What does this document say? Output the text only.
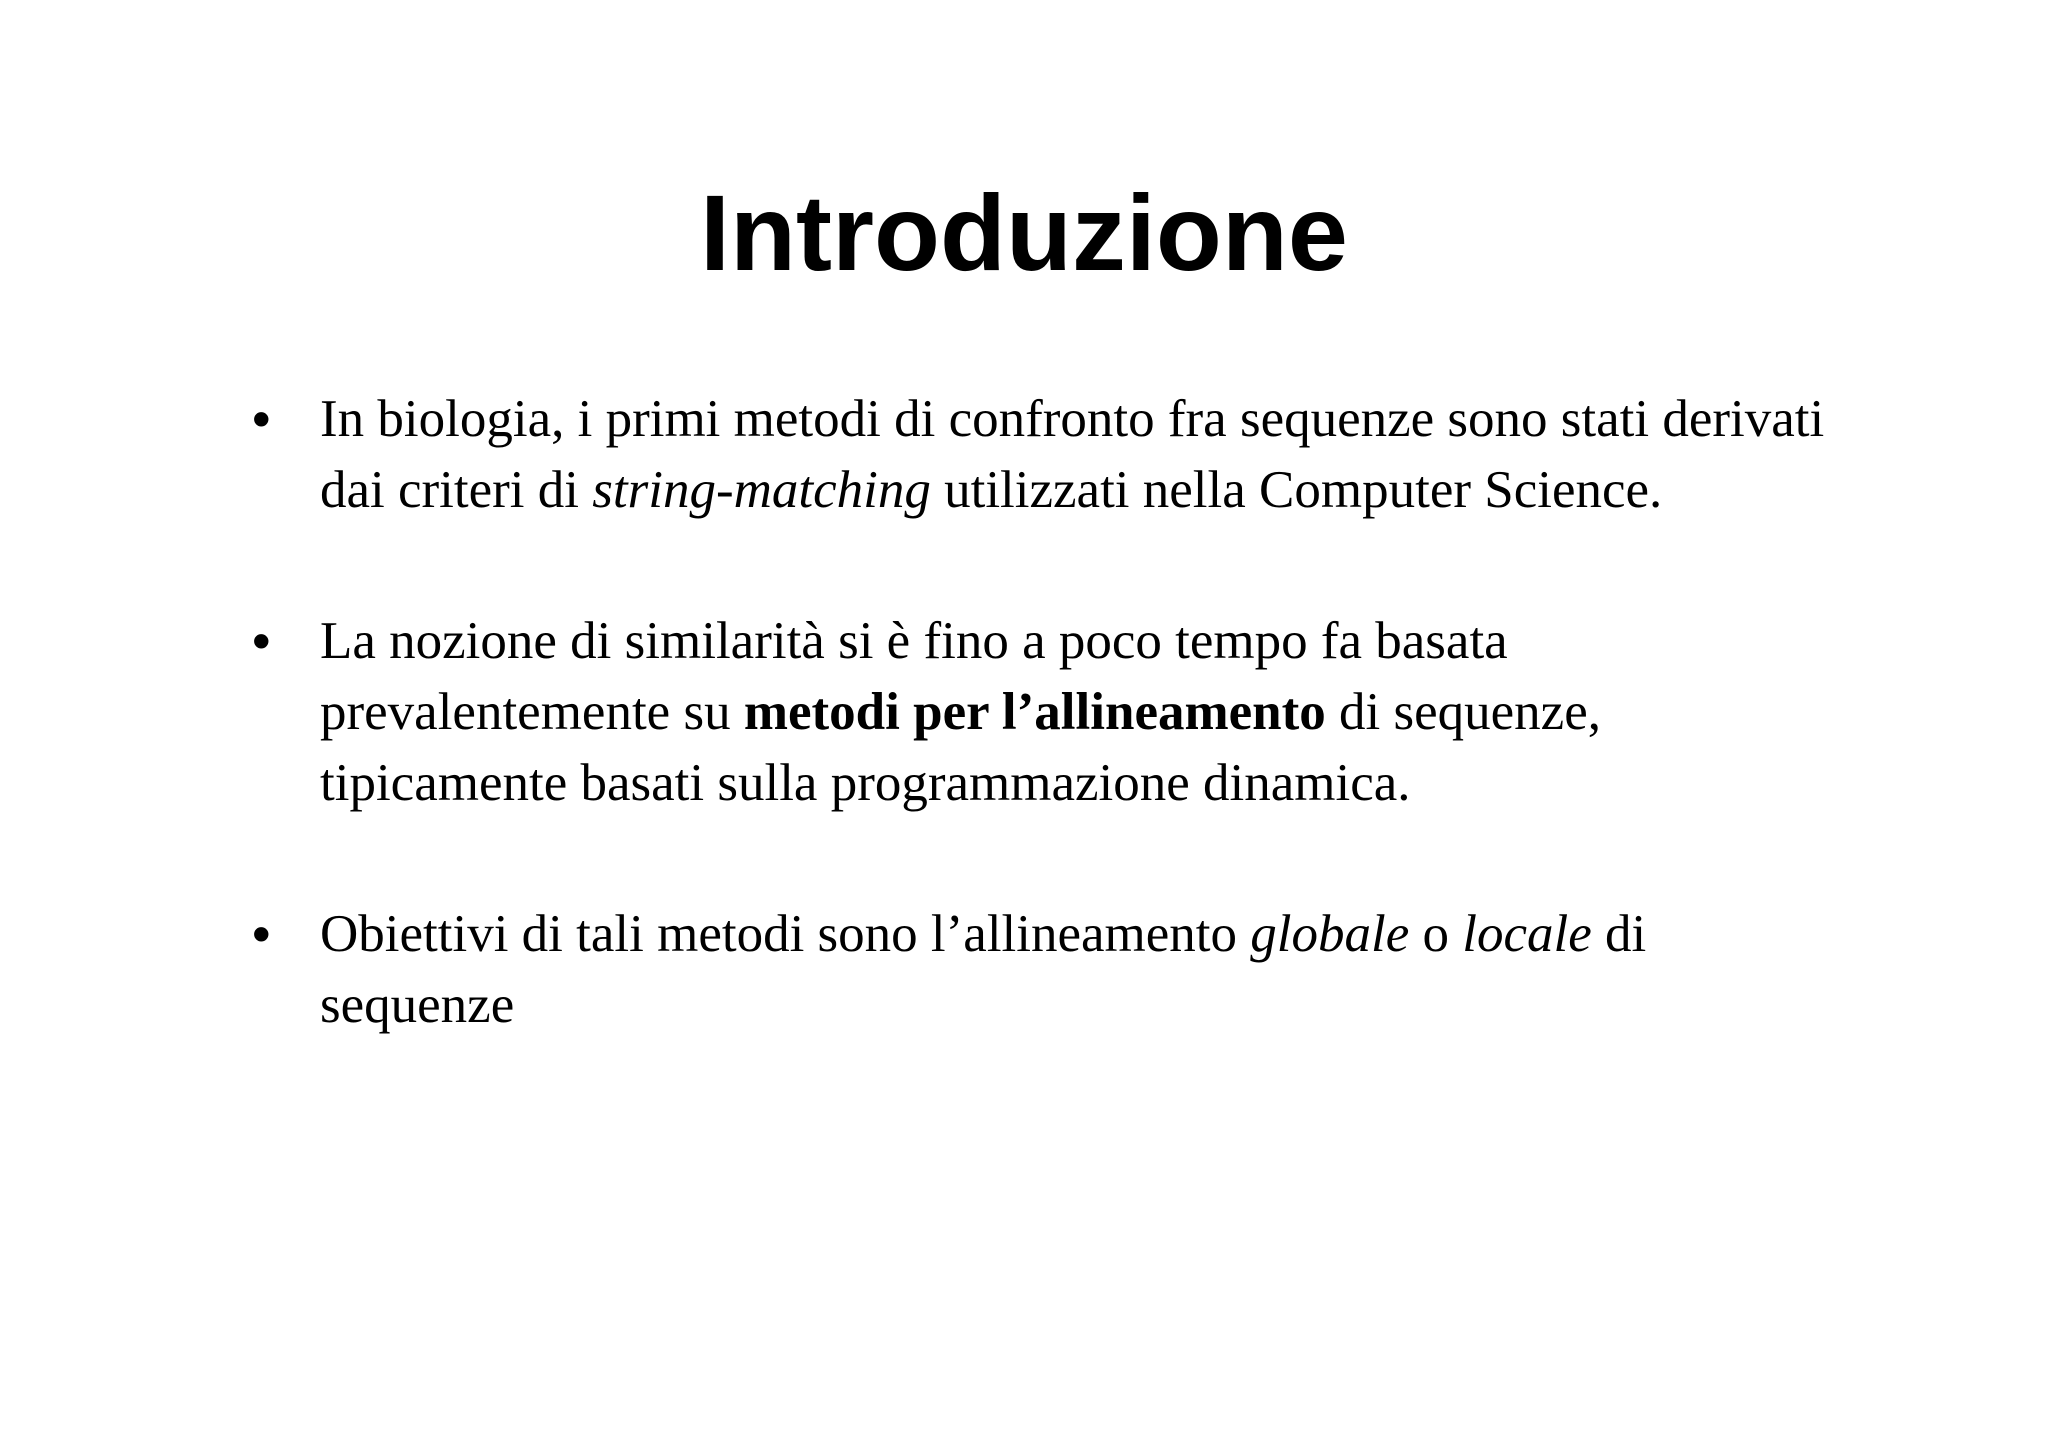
Introduzione
• In biologia, i primi metodi di confronto fra sequenze sono stati derivati dai criteri di string-matching utilizzati nella Computer Science.
• La nozione di similarità si è fino a poco tempo fa basata prevalentemente su metodi per l’allineamento di sequenze, tipicamente basati sulla programmazione dinamica.
• Obiettivi di tali metodi sono l’allineamento globale o locale di sequenze
